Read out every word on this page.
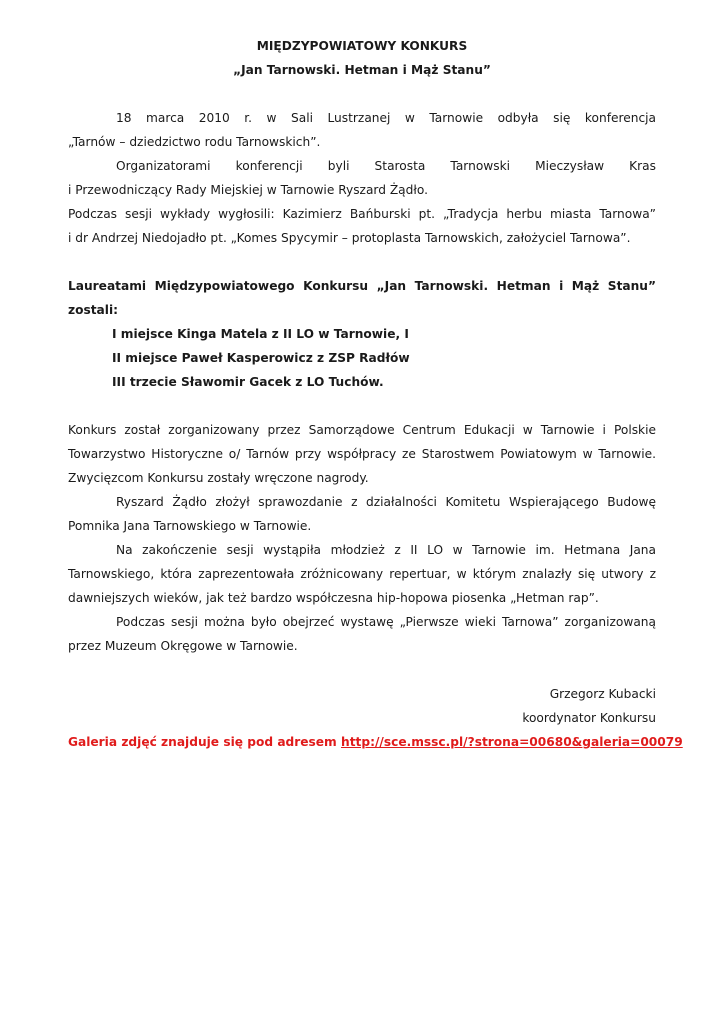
MIĘDZYPOWIATOWY KONKURS

„Jan Tarnowski. Hetman i Mąż Stanu”

18 marca 2010 r. w Sali Lustrzanej w Tarnowie odbyła się konferencja

„Tarnów – dziedzictwo rodu Tarnowskich”.

Organizatorami konferencji byli Starosta Tarnowski Mieczysław Kras

i Przewodniczący Rady Miejskiej w Tarnowie Ryszard Żądło.

Podczas sesji wykłady wygłosili: Kazimierz Bańburski pt. „Tradycja herbu miasta Tarnowa”

i dr Andrzej Niedojadło pt. „Komes Spycymir – protoplasta Tarnowskich, założyciel Tarnowa”.

Laureatami Międzypowiatowego Konkursu „Jan Tarnowski. Hetman i Mąż Stanu” zostali:

I miejsce Kinga Matela z II LO w Tarnowie, I

II miejsce Paweł Kasperowicz z ZSP Radłów

III trzecie Sławomir Gacek z LO Tuchów.

Konkurs został zorganizowany przez Samorządowe Centrum Edukacji w Tarnowie i Polskie Towarzystwo Historyczne o/ Tarnów przy współpracy ze Starostwem Powiatowym w Tarnowie. Zwycięzcom Konkursu zostały wręczone nagrody.

Ryszard Żądło złożył sprawozdanie z działalności Komitetu Wspierającego Budowę Pomnika Jana Tarnowskiego w Tarnowie.

Na zakończenie sesji wystąpiła młodzież z II LO w Tarnowie im. Hetmana Jana Tarnowskiego, która zaprezentowała zróżnicowany repertuar, w którym znalazły się utwory z dawniejszych wieków, jak też bardzo współczesna hip-hopowa piosenka „Hetman rap”.

Podczas sesji można było obejrzeć wystawę „Pierwsze wieki Tarnowa” zorganizowaną przez Muzeum Okręgowe w Tarnowie.

Grzegorz Kubacki

koordynator Konkursu

Galeria zdjęć znajduje się pod adresem http://sce.mssc.pl/?strona=00680&galeria=00079
